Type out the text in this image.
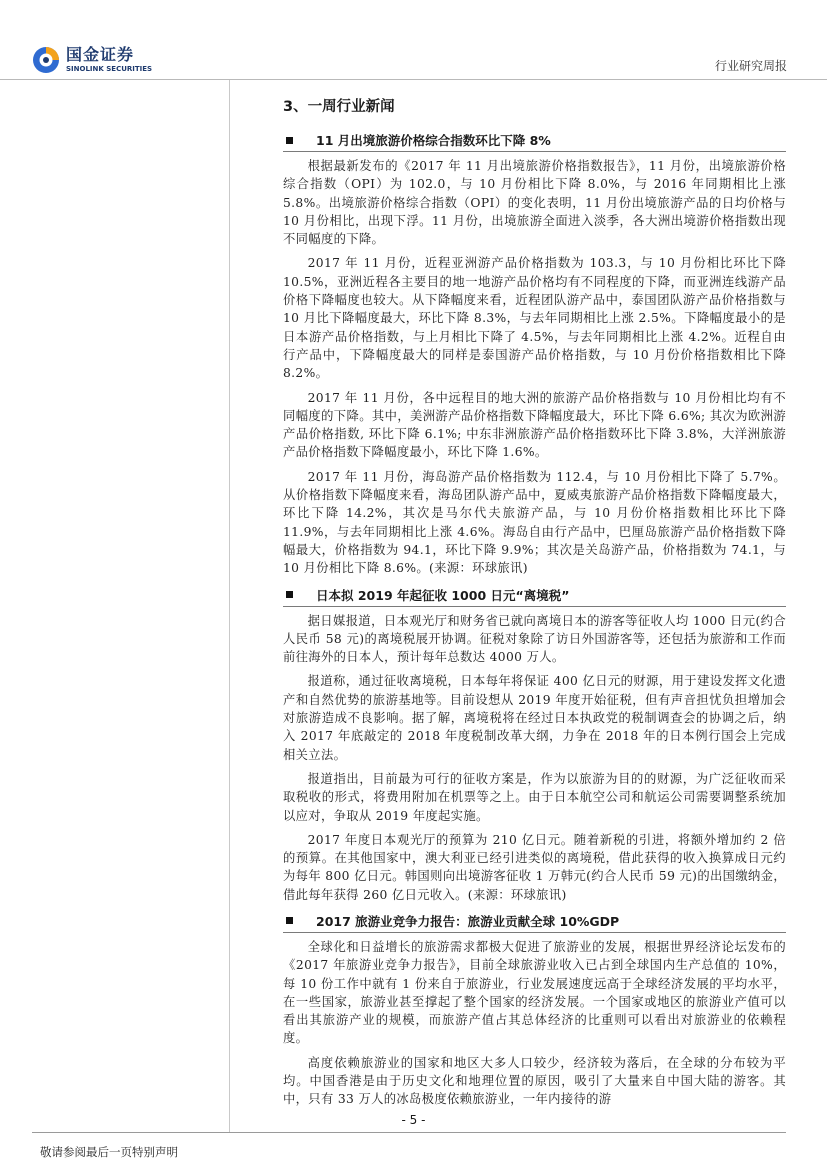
国金证券
SINOLINK SECURITIES	行业研究周报
3、一周行业新闻
11 月出境旅游价格综合指数环比下降 8%

根据最新发布的《2017 年 11 月出境旅游价格指数报告》，11 月份，出境旅游价格综合指数（OPI）为 102.0，与 10 月份相比下降 8.0%，与 2016 年同期相比上涨 5.8%。出境旅游价格综合指数（OPI）的变化表明，11 月份出境旅游产品的日均价格与 10 月份相比，出现下浮。11 月份，出境旅游全面进入淡季，各大洲出境游价格指数出现不同幅度的下降。

2017 年 11 月份，近程亚洲游产品价格指数为 103.3，与 10 月份相比环比下降 10.5%，亚洲近程各主要目的地一地游产品价格均有不同程度的下降，而亚洲连线游产品价格下降幅度也较大。从下降幅度来看，近程团队游产品中，泰国团队游产品价格指数与 10 月比下降幅度最大，环比下降 8.3%，与去年同期相比上涨 2.5%。下降幅度最小的是日本游产品价格指数，与上月相比下降了 4.5%，与去年同期相比上涨 4.2%。近程自由行产品中，下降幅度最大的同样是泰国游产品价格指数，与 10 月份价格指数相比下降 8.2%。

2017 年 11 月份，各中远程目的地大洲的旅游产品价格指数与 10 月份相比均有不同幅度的下降。其中，美洲游产品价格指数下降幅度最大，环比下降 6.6%; 其次为欧洲游产品价格指数, 环比下降 6.1%; 中东非洲旅游产品价格指数环比下降 3.8%，大洋洲旅游产品价格指数下降幅度最小，环比下降 1.6%。

2017 年 11 月份，海岛游产品价格指数为 112.4，与 10 月份相比下降了 5.7%。从价格指数下降幅度来看，海岛团队游产品中，夏威夷旅游产品价格指数下降幅度最大，环比下降 14.2%，其次是马尔代夫旅游产品，与 10 月份价格指数相比环比下降 11.9%，与去年同期相比上涨 4.6%。海岛自由行产品中，巴厘岛旅游产品价格指数下降幅最大，价格指数为 94.1，环比下降 9.9%；其次是关岛游产品，价格指数为 74.1，与 10 月份相比下降 8.6%。(来源：环球旅讯)

日本拟 2019 年起征收 1000 日元“离境税”

据日媒报道，日本观光厅和财务省已就向离境日本的游客等征收人均 1000 日元(约合人民币 58 元)的离境税展开协调。征税对象除了访日外国游客等，还包括为旅游和工作而前往海外的日本人，预计每年总数达 4000 万人。

报道称，通过征收离境税，日本每年将保证 400 亿日元的财源，用于建设发挥文化遗产和自然优势的旅游基地等。目前设想从 2019 年度开始征税，但有声音担忧负担增加会对旅游造成不良影响。据了解，离境税将在经过日本执政党的税制调查会的协调之后，纳入 2017 年底敲定的 2018 年度税制改革大纲，力争在 2018 年的日本例行国会上完成相关立法。

报道指出，目前最为可行的征收方案是，作为以旅游为目的的财源，为广泛征收而采取税收的形式，将费用附加在机票等之上。由于日本航空公司和航运公司需要调整系统加以应对，争取从 2019 年度起实施。

2017 年度日本观光厅的预算为 210 亿日元。随着新税的引进，将额外增加约 2 倍的预算。在其他国家中，澳大利亚已经引进类似的离境税，借此获得的收入换算成日元约为每年 800 亿日元。韩国则向出境游客征收 1 万韩元(约合人民币 59 元)的出国缴纳金，借此每年获得 260 亿日元收入。(来源：环球旅讯)

2017 旅游业竞争力报告：旅游业贡献全球 10%GDP

全球化和日益增长的旅游需求都极大促进了旅游业的发展，根据世界经济论坛发布的《2017 年旅游业竞争力报告》，目前全球旅游业收入已占到全球国内生产总值的 10%，每 10 份工作中就有 1 份来自于旅游业，行业发展速度远高于全球经济发展的平均水平，在一些国家，旅游业甚至撑起了整个国家的经济发展。一个国家或地区的旅游业产值可以看出其旅游产业的规模，而旅游产值占其总体经济的比重则可以看出对旅游业的依赖程度。

高度依赖旅游业的国家和地区大多人口较少，经济较为落后，在全球的分布较为平均。中国香港是由于历史文化和地理位置的原因，吸引了大量来自中国大陆的游客。其中，只有 33 万人的冰岛极度依赖旅游业，一年内接待的游

- 5 -
敬请参阅最后一页特别声明
